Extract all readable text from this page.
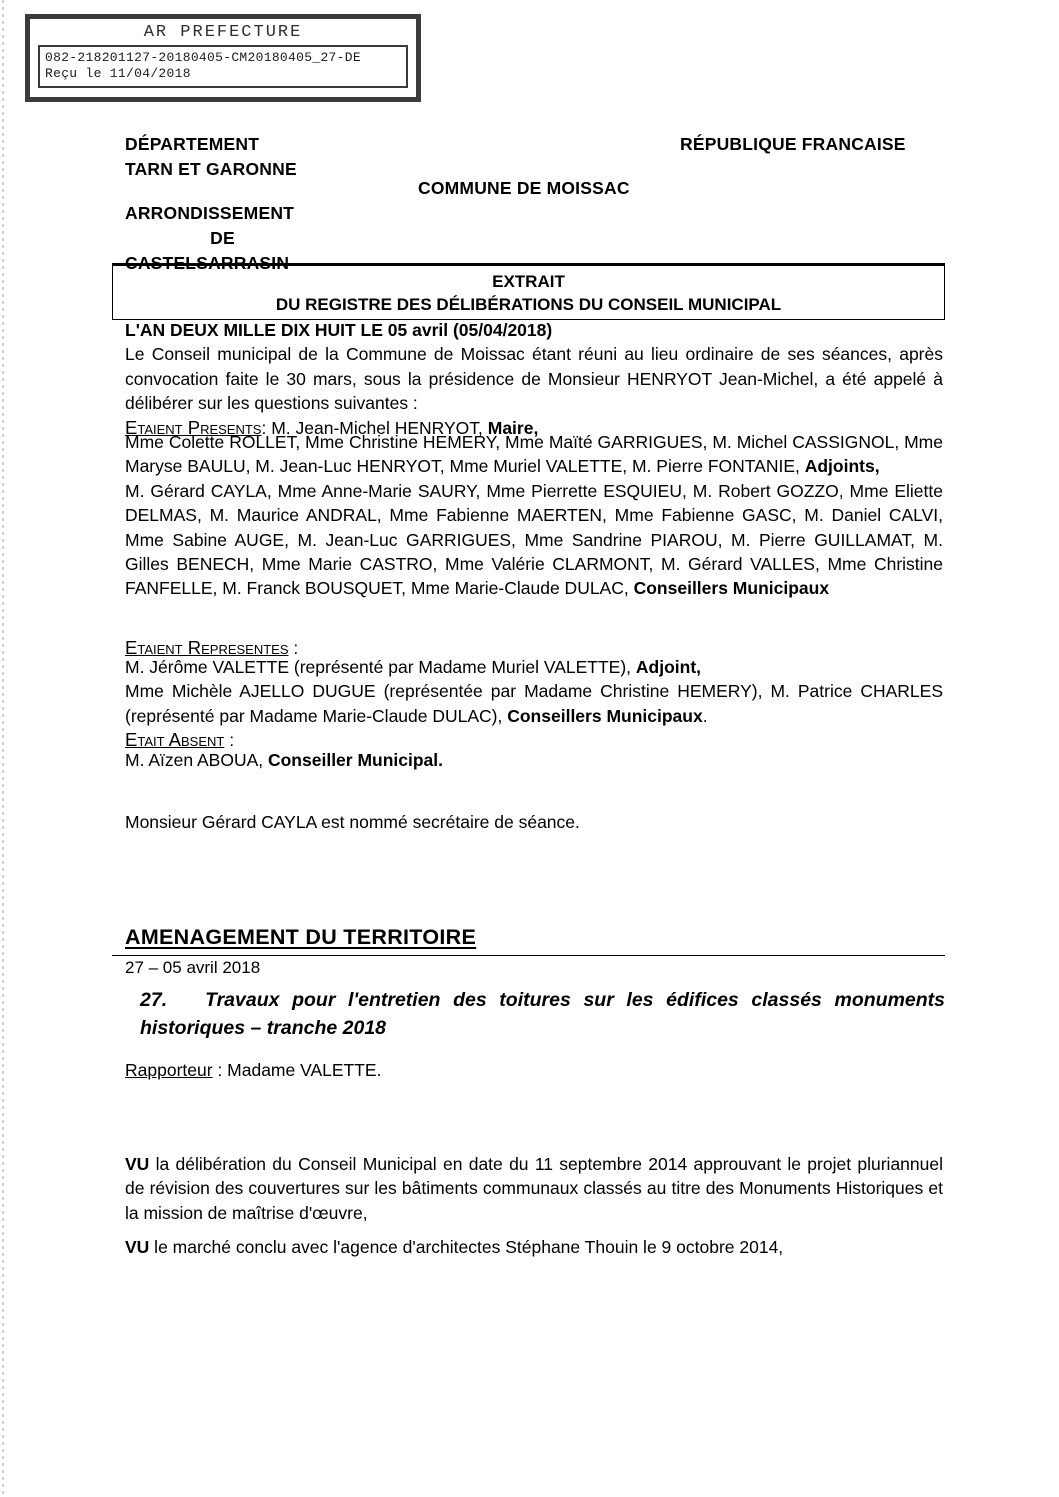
AR PREFECTURE
082-218201127-20180405-CM20180405_27-DE
Reçu le 11/04/2018
DÉPARTEMENT
TARN ET GARONNE
RÉPUBLIQUE FRANCAISE
COMMUNE DE MOISSAC
ARRONDISSEMENT
DE
CASTELSARRASIN
EXTRAIT
DU REGISTRE DES DÉLIBÉRATIONS DU CONSEIL MUNICIPAL
L'AN DEUX MILLE DIX HUIT LE 05 avril (05/04/2018)
Le Conseil municipal de la Commune de Moissac étant réuni au lieu ordinaire de ses séances, après convocation faite le 30 mars, sous la présidence de Monsieur HENRYOT Jean-Michel, a été appelé à délibérer sur les questions suivantes :
Etaient Presents: M. Jean-Michel HENRYOT, Maire,
Mme Colette ROLLET, Mme Christine HEMERY, Mme Maïté GARRIGUES, M. Michel CASSIGNOL, Mme Maryse BAULU, M. Jean-Luc HENRYOT, Mme Muriel VALETTE, M. Pierre FONTANIE, Adjoints,
M. Gérard CAYLA, Mme Anne-Marie SAURY, Mme Pierrette ESQUIEU, M. Robert GOZZO, Mme Eliette DELMAS, M. Maurice ANDRAL, Mme Fabienne MAERTEN, Mme Fabienne GASC, M. Daniel CALVI, Mme Sabine AUGE, M. Jean-Luc GARRIGUES, Mme Sandrine PIAROU, M. Pierre GUILLAMAT, M. Gilles BENECH, Mme Marie CASTRO, Mme Valérie CLARMONT, M. Gérard VALLES, Mme Christine FANFELLE, M. Franck BOUSQUET, Mme Marie-Claude DULAC, Conseillers Municipaux
Etaient Representes :
M. Jérôme VALETTE (représenté par Madame Muriel VALETTE), Adjoint,
Mme Michèle AJELLO DUGUE (représentée par Madame Christine HEMERY), M. Patrice CHARLES (représenté par Madame Marie-Claude DULAC), Conseillers Municipaux.
Etait Absent :
M. Aïzen ABOUA, Conseiller Municipal.
Monsieur Gérard CAYLA est nommé secrétaire de séance.
AMENAGEMENT DU TERRITOIRE
27 – 05 avril 2018
27. Travaux pour l'entretien des toitures sur les édifices classés monuments historiques – tranche 2018
Rapporteur : Madame VALETTE.
VU la délibération du Conseil Municipal en date du 11 septembre 2014 approuvant le projet pluriannuel de révision des couvertures sur les bâtiments communaux classés au titre des Monuments Historiques et la mission de maîtrise d'œuvre,
VU le marché conclu avec l'agence d'architectes Stéphane Thouin le 9 octobre 2014,
